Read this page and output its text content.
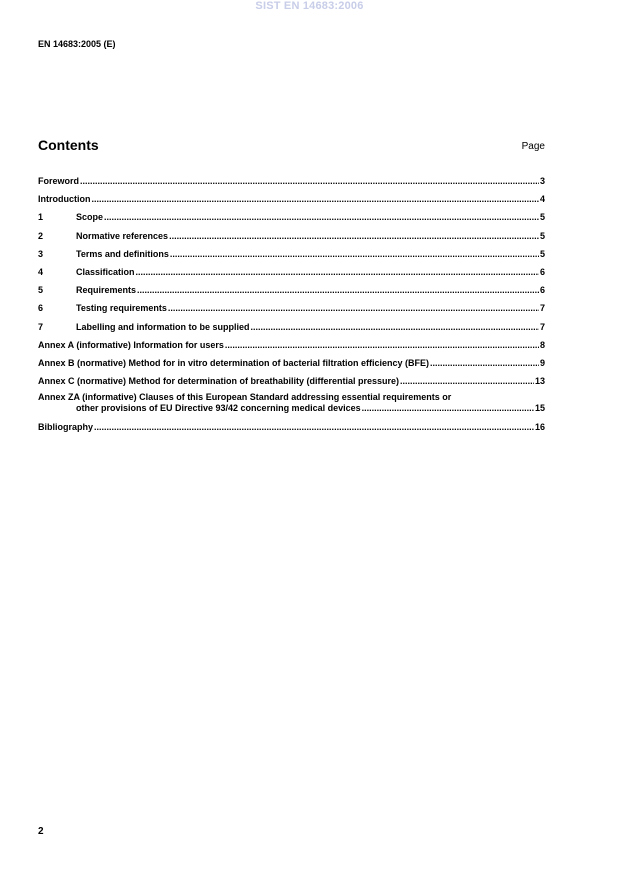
SIST EN 14683:2006
EN 14683:2005 (E)
Contents	Page
Foreword .....	3
Introduction .....	4
1	Scope .....	5
2	Normative references .....	5
3	Terms and definitions .....	5
4	Classification .....	6
5	Requirements .....	6
6	Testing requirements .....	7
7	Labelling and information to be supplied .....	7
Annex A (informative) Information for users .....	8
Annex B (normative) Method for in vitro determination of bacterial filtration efficiency (BFE) .....	9
Annex C (normative) Method for determination of breathability (differential pressure) .....	13
Annex ZA (informative) Clauses of this European Standard addressing essential requirements or
other provisions of EU Directive 93/42 concerning medical devices .....	15
Bibliography .....	16
2
